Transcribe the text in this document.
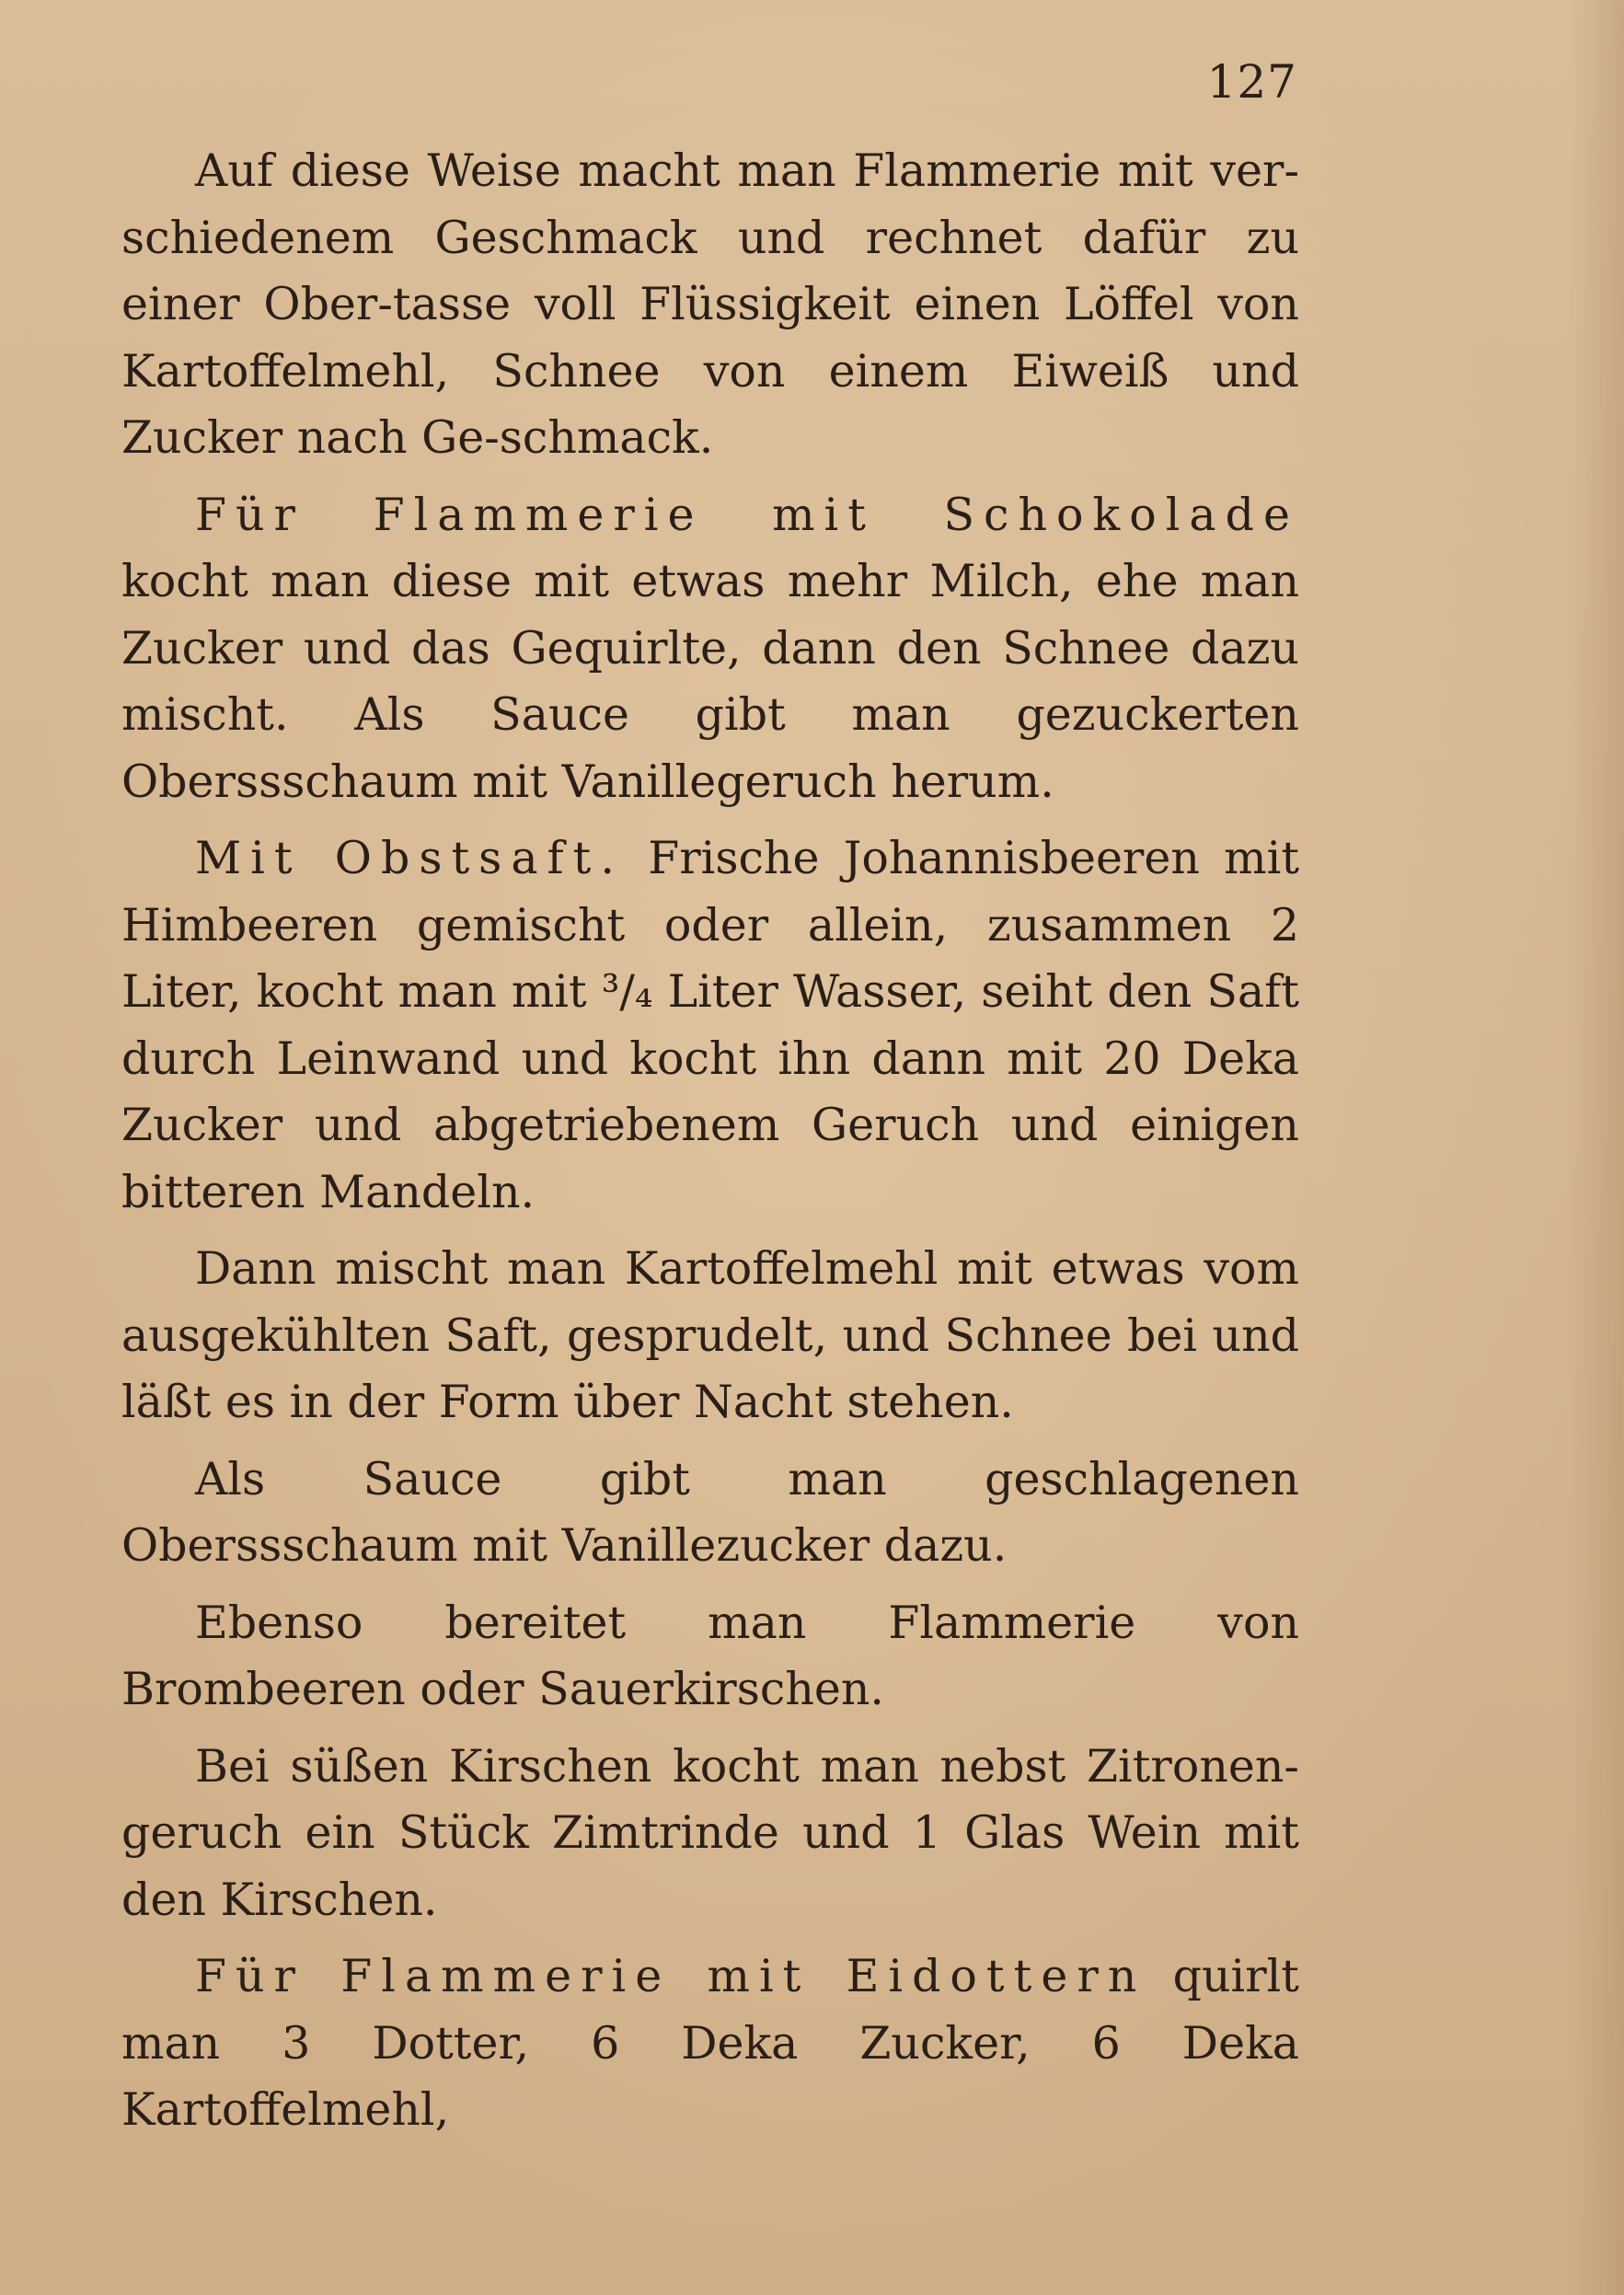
127

Auf diese Weise macht man Flammerie mit ver-schiedenem Geschmack und rechnet dafür zu einer Ober-tasse voll Flüssigkeit einen Löffel von Kartoffelmehl, Schnee von einem Eiweiß und Zucker nach Ge-schmack.

Für Flammerie mit Schokolade kocht man diese mit etwas mehr Milch, ehe man Zucker und das Gequirlte, dann den Schnee dazu mischt. Als Sauce gibt man gezuckerten Oberssschaum mit Vanillegeruch herum.

Mit Obstsaft. Frische Johannisbeeren mit Himbeeren gemischt oder allein, zusammen 2 Liter, kocht man mit ³/₄ Liter Wasser, seiht den Saft durch Leinwand und kocht ihn dann mit 20 Deka Zucker und abgetriebenem Geruch und einigen bitteren Mandeln.

Dann mischt man Kartoffelmehl mit etwas vom ausgekühlten Saft, gesprudelt, und Schnee bei und läßt es in der Form über Nacht stehen.

Als Sauce gibt man geschlagenen Oberssschaum mit Vanillezucker dazu.

Ebenso bereitet man Flammerie von Brombeeren oder Sauerkirschen.

Bei süßen Kirschen kocht man nebst Zitronen-geruch ein Stück Zimtrinde und 1 Glas Wein mit den Kirschen.

Für Flammerie mit Eidottern quirlt man 3 Dotter, 6 Deka Zucker, 6 Deka Kartoffelmehl,
